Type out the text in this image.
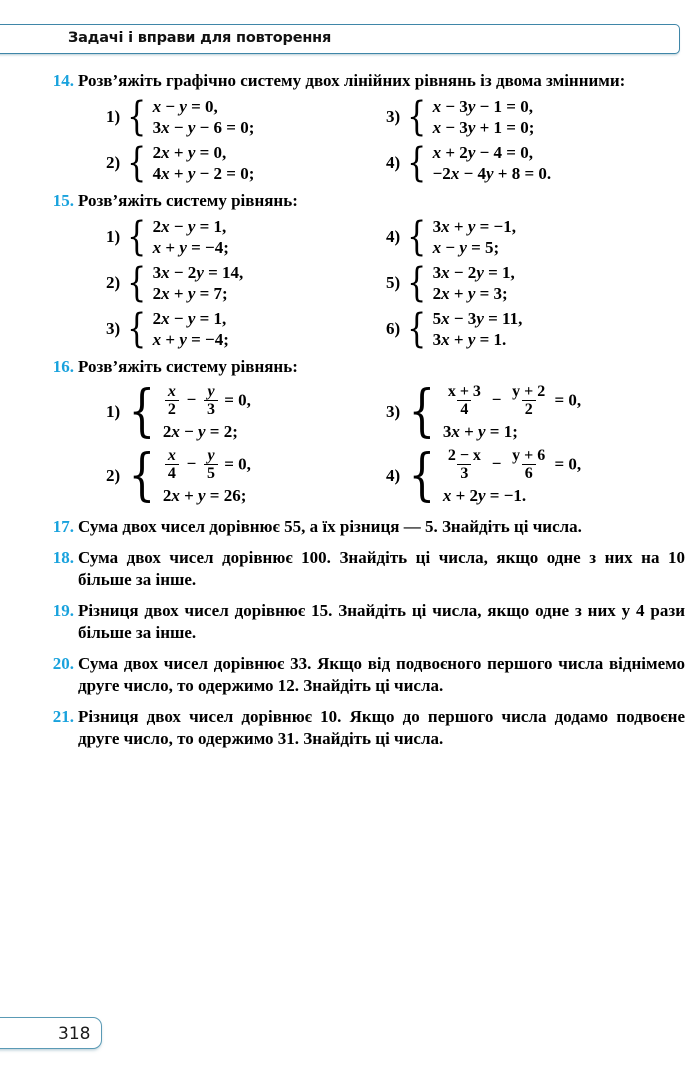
Задачі і вправи для повторення
14. Розв’яжіть графічно систему двох лінійних рівнянь із двома змінними:
1) { x − y = 0,
3x − y − 6 = 0;
3) { x − 3y − 1 = 0,
x − 3y + 1 = 0;
2) { 2x + y = 0,
4x + y − 2 = 0;
4) { x + 2y − 4 = 0,
−2x − 4y + 8 = 0.
15. Розв’яжіть систему рівнянь:
1) { 2x − y = 1,
x + y = −4;
4) { 3x + y = −1,
x − y = 5;
2) { 3x − 2y = 14,
2x + y = 7;
5) { 3x − 2y = 1,
2x + y = 3;
3) { 2x − y = 1,
x + y = −4;
6) { 5x − 3y = 11,
3x + y = 1.
16. Розв’яжіть систему рівнянь:
1) { $\frac{x}{2} - \frac{y}{3} = 0$,
2x − y = 2;
3) { $\frac{x + 3}{4} - \frac{y + 2}{2} = 0$,
3x + y = 1;
2) { $\frac{x}{4} - \frac{y}{5} = 0$,
2x + y = 26;
4) { $\frac{2 - x}{3} - \frac{y + 6}{6} = 0$,
x + 2y = −1.
17. Сума двох чисел дорівнює 55, а їх різниця — 5. Знайдіть ці числа.
18. Сума двох чисел дорівнює 100. Знайдіть ці числа, якщо одне з них на 10 більше за інше.
19. Різниця двох чисел дорівнює 15. Знайдіть ці числа, якщо одне з них у 4 рази більше за інше.
20. Сума двох чисел дорівнює 33. Якщо від подвоєного першого числа віднімемо друге число, то одержимо 12. Знайдіть ці числа.
21. Різниця двох чисел дорівнює 10. Якщо до першого числа додамо подвоєне друге число, то одержимо 31. Знайдіть ці числа.
318
